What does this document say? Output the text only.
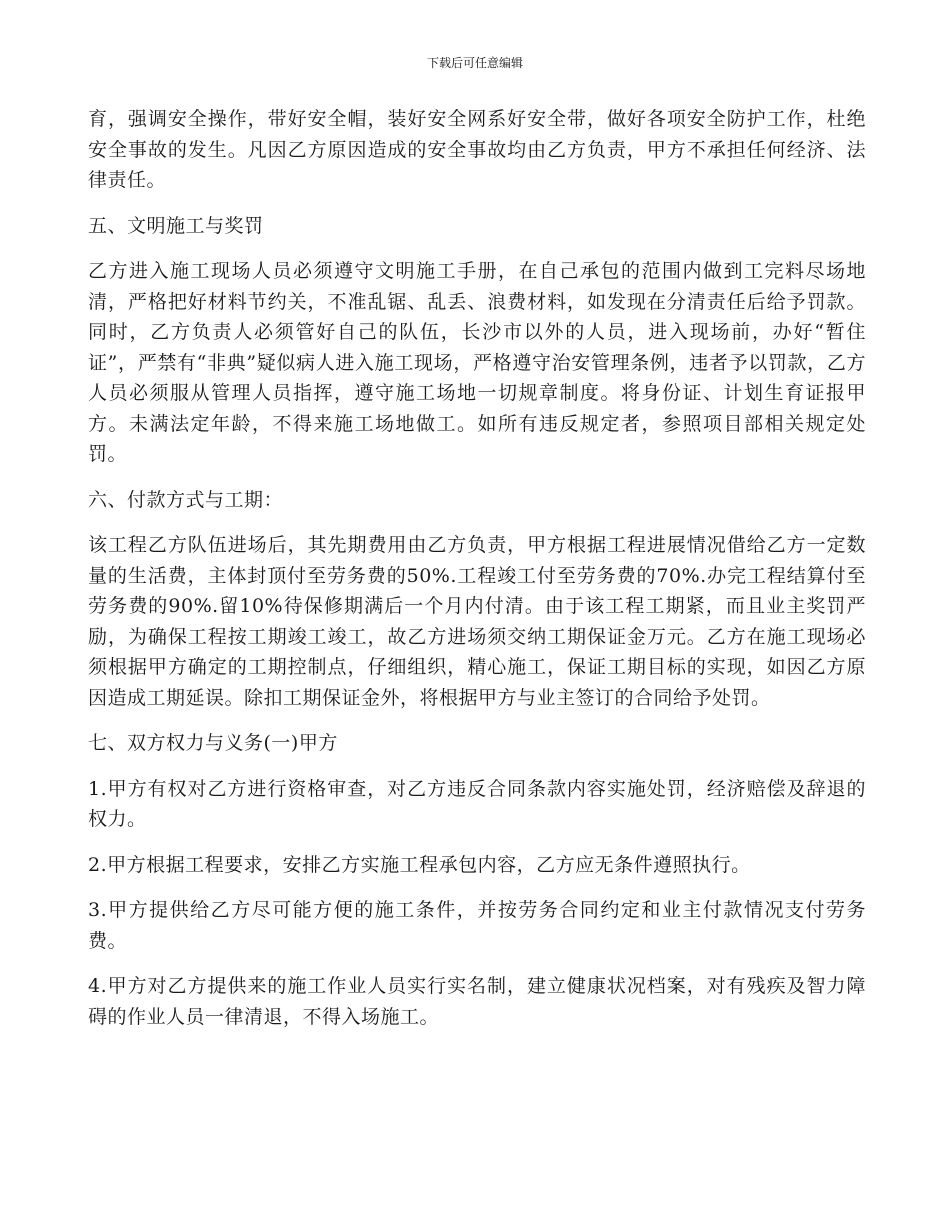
下载后可任意编辑

育，强调安全操作，带好安全帽，装好安全网系好安全带，做好各项安全防护工作，杜绝安全事故的发生。凡因乙方原因造成的安全事故均由乙方负责，甲方不承担任何经济、法律责任。

五、文明施工与奖罚

乙方进入施工现场人员必须遵守文明施工手册，在自己承包的范围内做到工完料尽场地清，严格把好材料节约关，不准乱锯、乱丢、浪费材料，如发现在分清责任后给予罚款。同时，乙方负责人必须管好自己的队伍，长沙市以外的人员，进入现场前，办好“暂住证”，严禁有“非典”疑似病人进入施工现场，严格遵守治安管理条例，违者予以罚款，乙方人员必须服从管理人员指挥，遵守施工场地一切规章制度。将身份证、计划生育证报甲方。未满法定年龄，不得来施工场地做工。如所有违反规定者，参照项目部相关规定处罚。

六、付款方式与工期：

该工程乙方队伍进场后，其先期费用由乙方负责，甲方根据工程进展情况借给乙方一定数量的生活费，主体封顶付至劳务费的50%.工程竣工付至劳务费的70%.办完工程结算付至劳务费的90%.留10%待保修期满后一个月内付清。由于该工程工期紧，而且业主奖罚严励，为确保工程按工期竣工竣工，故乙方进场须交纳工期保证金万元。乙方在施工现场必须根据甲方确定的工期控制点，仔细组织，精心施工，保证工期目标的实现，如因乙方原因造成工期延误。除扣工期保证金外，将根据甲方与业主签订的合同给予处罚。

七、双方权力与义务(一)甲方

1.甲方有权对乙方进行资格审查，对乙方违反合同条款内容实施处罚，经济赔偿及辞退的权力。

2.甲方根据工程要求，安排乙方实施工程承包内容，乙方应无条件遵照执行。

3.甲方提供给乙方尽可能方便的施工条件，并按劳务合同约定和业主付款情况支付劳务费。

4.甲方对乙方提供来的施工作业人员实行实名制，建立健康状况档案，对有残疾及智力障碍的作业人员一律清退，不得入场施工。
